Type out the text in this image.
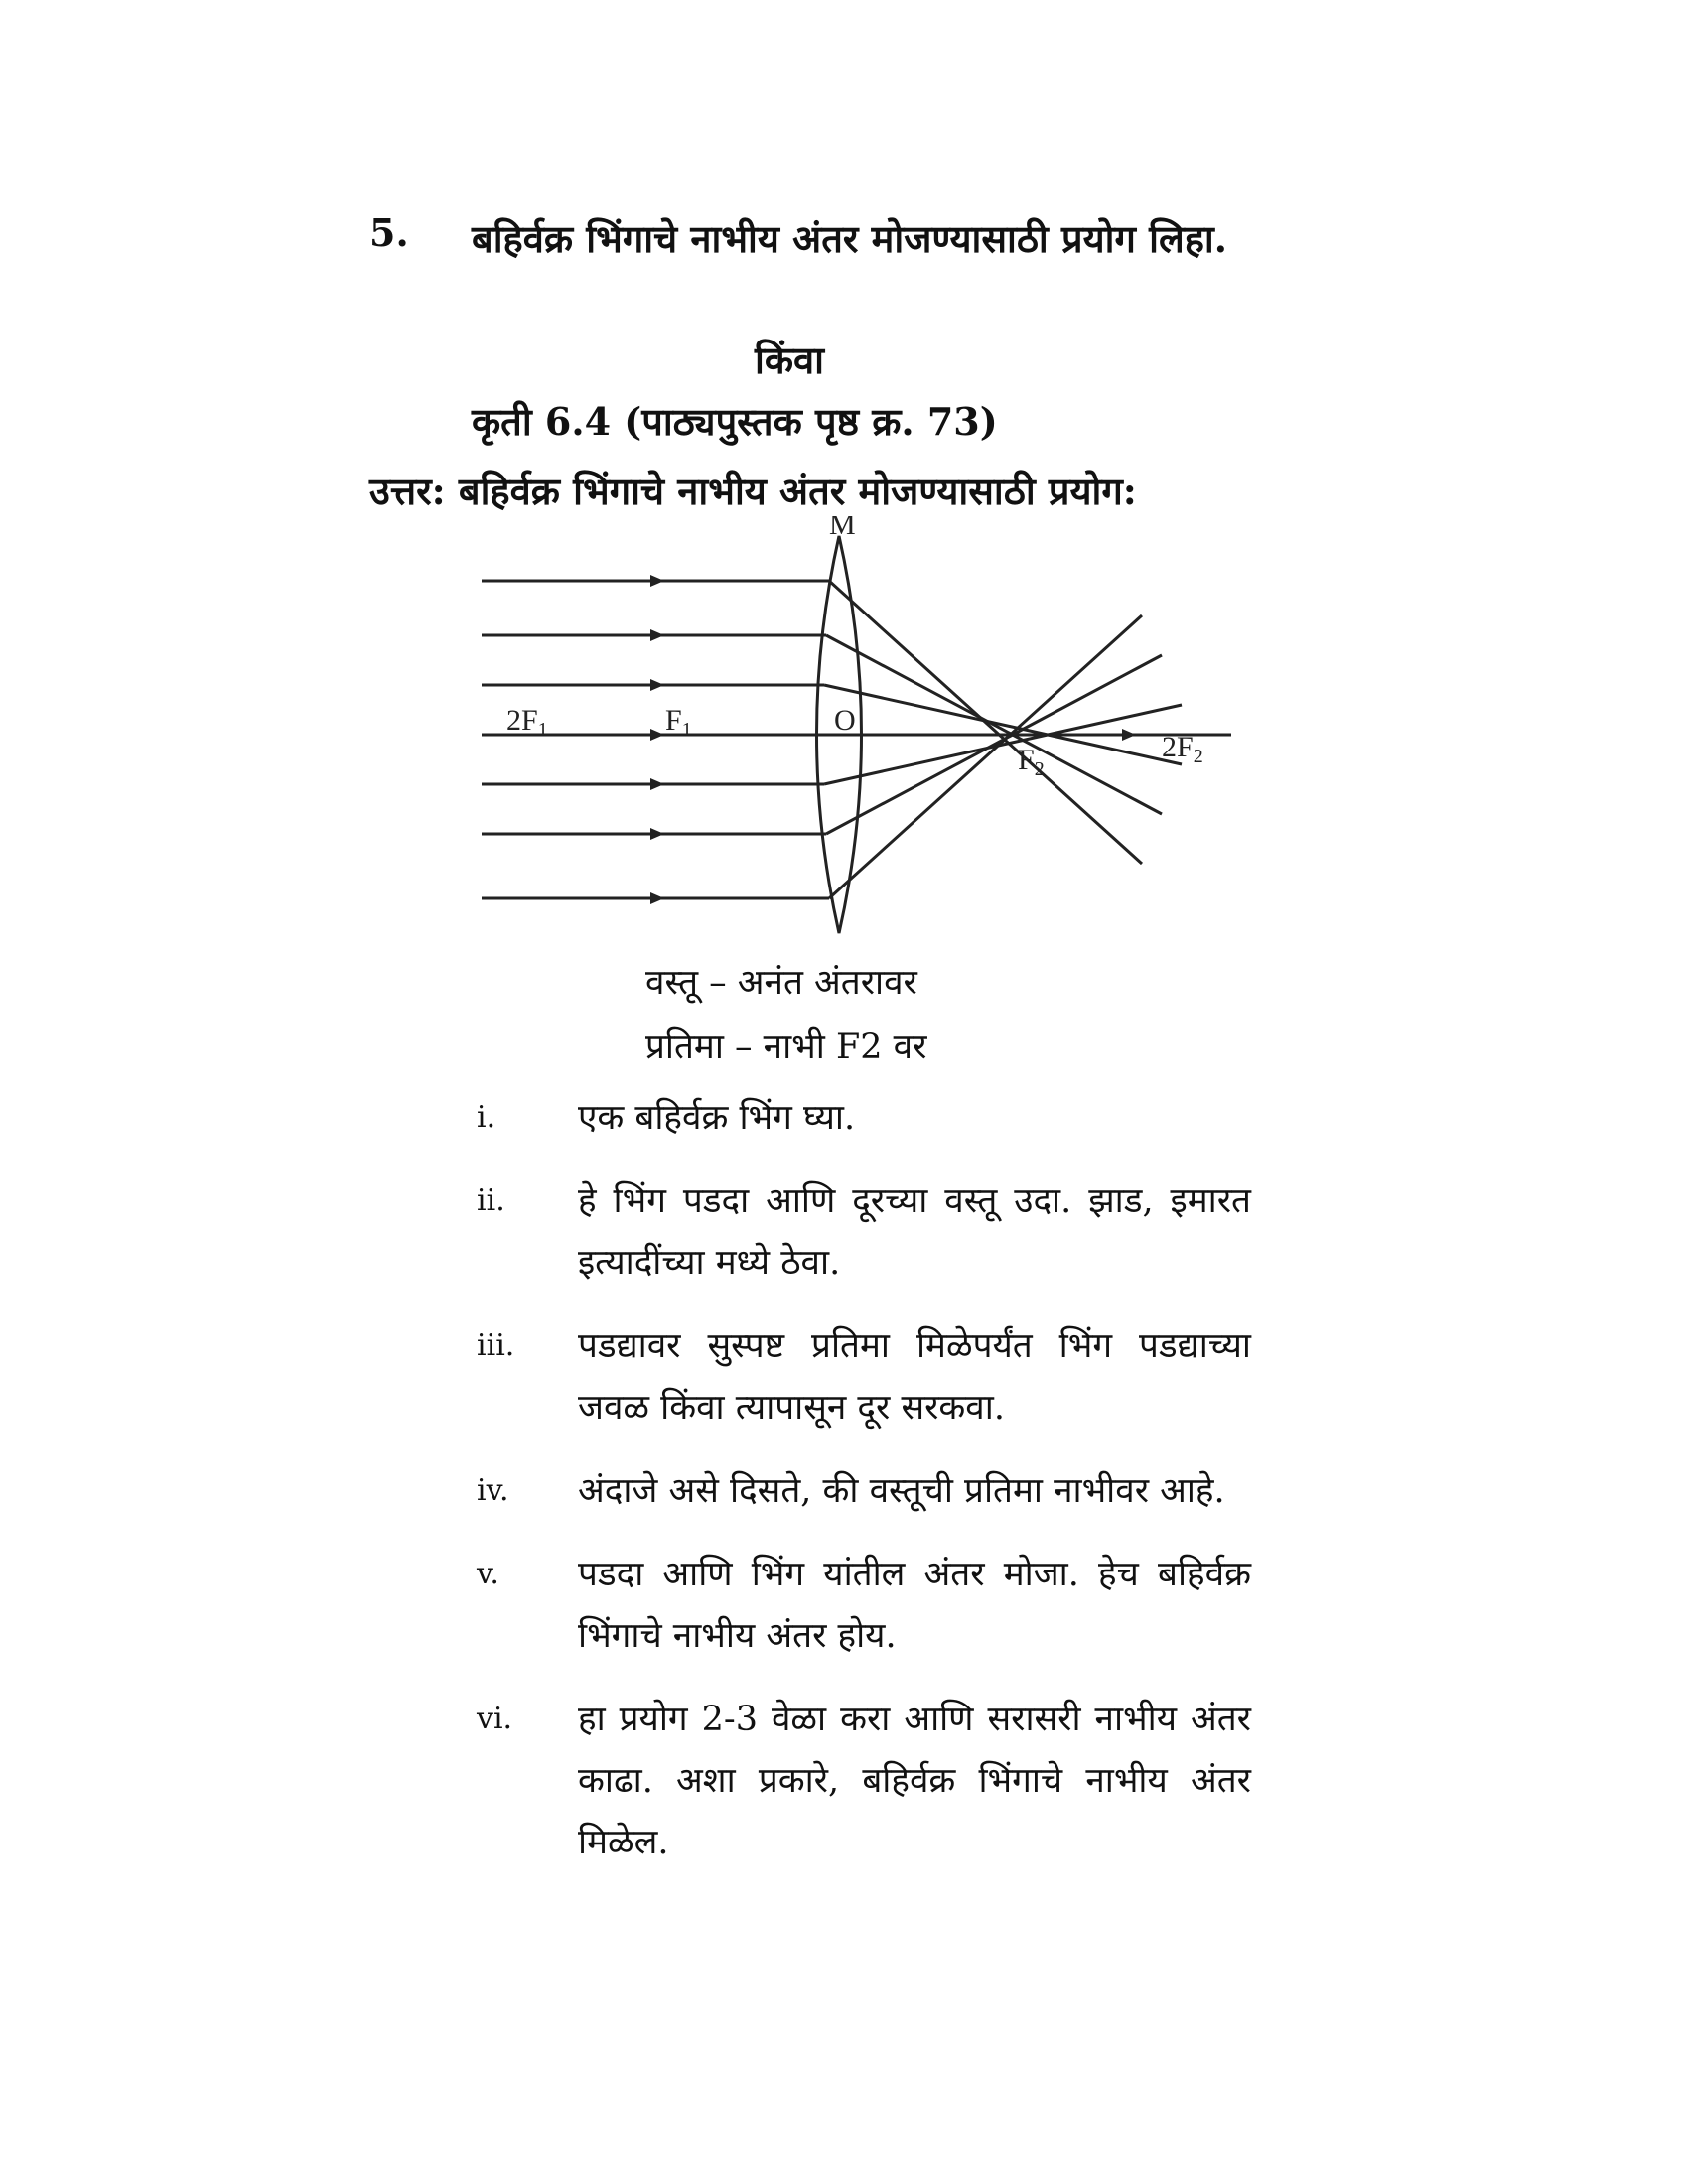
5. बहिर्वक्र भिंगाचे नाभीय अंतर मोजण्यासाठी प्रयोग लिहा.
किंवा
कृती 6.4 (पाठ्यपुस्तक पृष्ठ क्र. 73)
उत्तर: बहिर्वक्र भिंगाचे नाभीय अंतर मोजण्यासाठी प्रयोग:
M
$2F_1$	$F_1$	O
$F_2$
$2F_2$
वस्तू – अनंत अंतरावर
प्रतिमा – नाभी F2 वर
i. एक बहिर्वक्र भिंग घ्या.
ii. हे भिंग पडदा आणि दूरच्या वस्तू उदा. झाड, इमारत इत्यादींच्या मध्ये ठेवा.
iii. पडद्यावर सुस्पष्ट प्रतिमा मिळेपर्यंत भिंग पडद्याच्या जवळ किंवा त्यापासून दूर सरकवा.
iv. अंदाजे असे दिसते, की वस्तूची प्रतिमा नाभीवर आहे.
v. पडदा आणि भिंग यांतील अंतर मोजा. हेच बहिर्वक्र भिंगाचे नाभीय अंतर होय.
vi. हा प्रयोग 2-3 वेळा करा आणि सरासरी नाभीय अंतर काढा. अशा प्रकारे, बहिर्वक्र भिंगाचे नाभीय अंतर मिळेल.
